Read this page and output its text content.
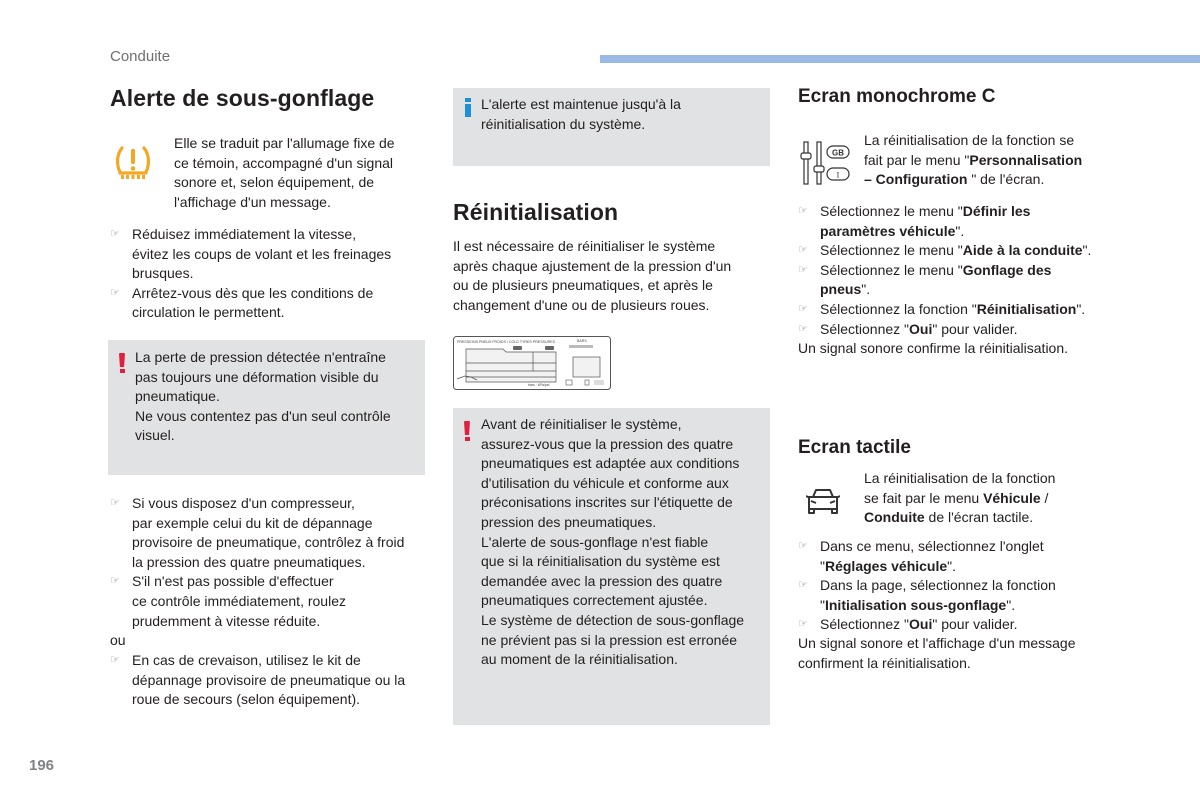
Conduite
Alerte de sous-gonflage
Elle se traduit par l'allumage fixe de
ce témoin, accompagné d'un signal
sonore et, selon équipement, de
l'affichage d'un message.
☞ Réduisez immédiatement la vitesse,
évitez les coups de volant et les freinages
brusques.
☞ Arrêtez-vous dès que les conditions de
circulation le permettent.
La perte de pression détectée n'entraîne
pas toujours une déformation visible du
pneumatique.
Ne vous contentez pas d'un seul contrôle
visuel.
☞ Si vous disposez d'un compresseur,
par exemple celui du kit de dépannage
provisoire de pneumatique, contrôlez à froid
la pression des quatre pneumatiques.
☞ S'il n'est pas possible d'effectuer
ce contrôle immédiatement, roulez
prudemment à vitesse réduite.
ou
☞ En cas de crevaison, utilisez le kit de
dépannage provisoire de pneumatique ou la
roue de secours (selon équipement).
L'alerte est maintenue jusqu'à la
réinitialisation du système.
Réinitialisation
Il est nécessaire de réinitialiser le système
après chaque ajustement de la pression d'un
ou de plusieurs pneumatiques, et après le
changement d'une ou de plusieurs roues.
PRESSIONS PNEUS FROIDS / COLD TYRES PRESSURES	BARS
bars · kPa/psi
Avant de réinitialiser le système,
assurez-vous que la pression des quatre
pneumatiques est adaptée aux conditions
d'utilisation du véhicule et conforme aux
préconisations inscrites sur l'étiquette de
pression des pneumatiques.
L'alerte de sous-gonflage n'est fiable
que si la réinitialisation du système est
demandée avec la pression des quatre
pneumatiques correctement ajustée.
Le système de détection de sous-gonflage
ne prévient pas si la pression est erronée
au moment de la réinitialisation.
Ecran monochrome C
GB
I
La réinitialisation de la fonction se
fait par le menu "Personnalisation
– Configuration " de l'écran.
☞ Sélectionnez le menu "Définir les
paramètres véhicule".
☞ Sélectionnez le menu "Aide à la conduite".
☞ Sélectionnez le menu "Gonflage des
pneus".
☞ Sélectionnez la fonction "Réinitialisation".
☞ Sélectionnez "Oui" pour valider.
Un signal sonore confirme la réinitialisation.
Ecran tactile
La réinitialisation de la fonction
se fait par le menu Véhicule /
Conduite de l'écran tactile.
☞ Dans ce menu, sélectionnez l'onglet
"Réglages véhicule".
☞ Dans la page, sélectionnez la fonction
"Initialisation sous-gonflage".
☞ Sélectionnez "Oui" pour valider.
Un signal sonore et l'affichage d'un message
confirment la réinitialisation.
196
